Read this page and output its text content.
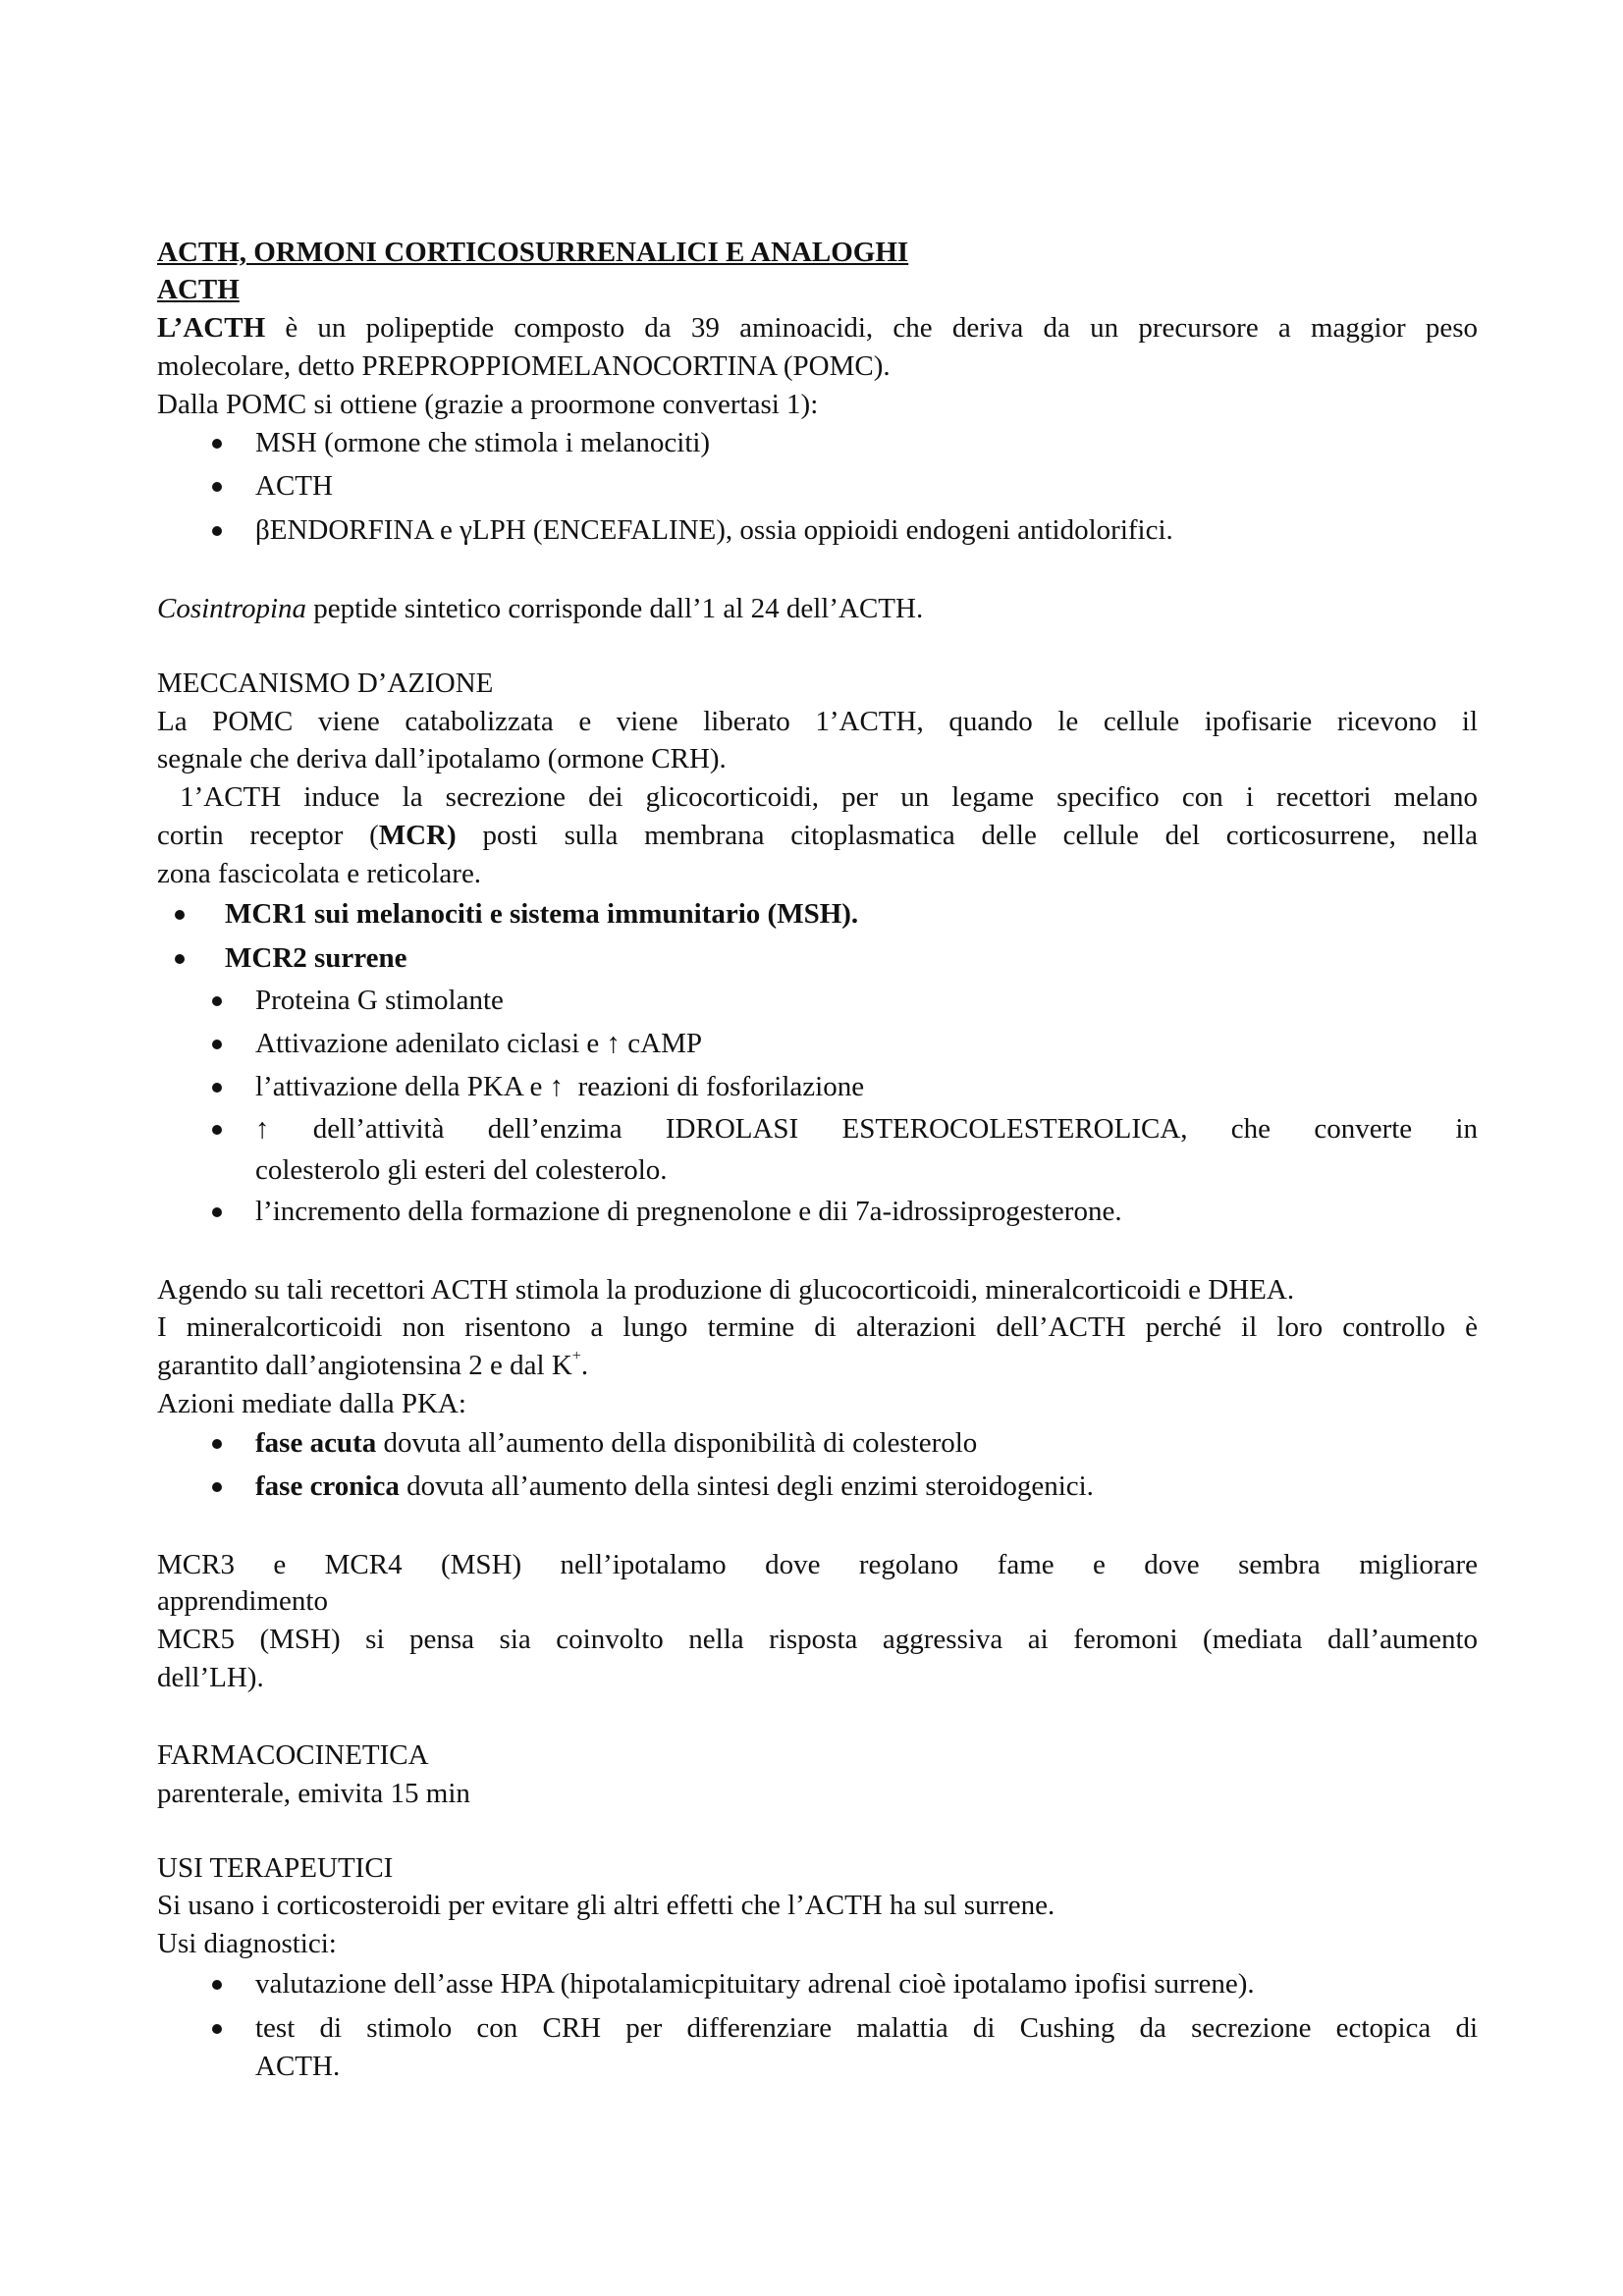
ACTH, ORMONI CORTICOSURRENALICI E ANALOGHI
ACTH
L’ACTH è un polipeptide composto da 39 aminoacidi, che deriva da un precursore a maggior peso
molecolare, detto PREPROPPIOMELANOCORTINA (POMC).
Dalla POMC si ottiene (grazie a proormone convertasi 1):
MSH (ormone che stimola i melanociti)
ACTH
βENDORFINA e γLPH (ENCEFALINE), ossia oppioidi endogeni antidolorifici.
Cosintropina peptide sintetico corrisponde dall’1 al 24 dell’ACTH.
MECCANISMO D’AZIONE
La POMC viene catabolizzata e viene liberato 1’ACTH, quando le cellule ipofisarie ricevono il
segnale che deriva dall’ipotalamo (ormone CRH).
1’ACTH induce la secrezione dei glicocorticoidi, per un legame specifico con i recettori melano
cortin receptor (MCR) posti sulla membrana citoplasmatica delle cellule del corticosurrene, nella
zona fascicolata e reticolare.
MCR1 sui melanociti e sistema immunitario (MSH).
MCR2 surrene
Proteina G stimolante
Attivazione adenilato ciclasi e ↑ cAMP
l’attivazione della PKA e ↑  reazioni di fosforilazione
↑ dell’attività dell’enzima IDROLASI ESTEROCOLESTEROLICA, che converte in
colesterolo gli esteri del colesterolo.
l’incremento della formazione di pregnenolone e dii 7a-idrossiprogesterone.
Agendo su tali recettori ACTH stimola la produzione di glucocorticoidi, mineralcorticoidi e DHEA.
I mineralcorticoidi non risentono a lungo termine di alterazioni dell’ACTH perché il loro controllo è
garantito dall’angiotensina 2 e dal K+.
Azioni mediate dalla PKA:
fase acuta dovuta all’aumento della disponibilità di colesterolo
fase cronica dovuta all’aumento della sintesi degli enzimi steroidogenici.
MCR3 e MCR4 (MSH) nell’ipotalamo dove regolano fame e dove sembra migliorare
apprendimento
MCR5 (MSH) si pensa sia coinvolto nella risposta aggressiva ai feromoni (mediata dall’aumento
dell’LH).
FARMACOCINETICA
parenterale, emivita 15 min
USI TERAPEUTICI
Si usano i corticosteroidi per evitare gli altri effetti che l’ACTH ha sul surrene.
Usi diagnostici:
valutazione dell’asse HPA (hipotalamicpituitary adrenal cioè ipotalamo ipofisi surrene).
test di stimolo con CRH per differenziare malattia di Cushing da secrezione ectopica di
ACTH.
